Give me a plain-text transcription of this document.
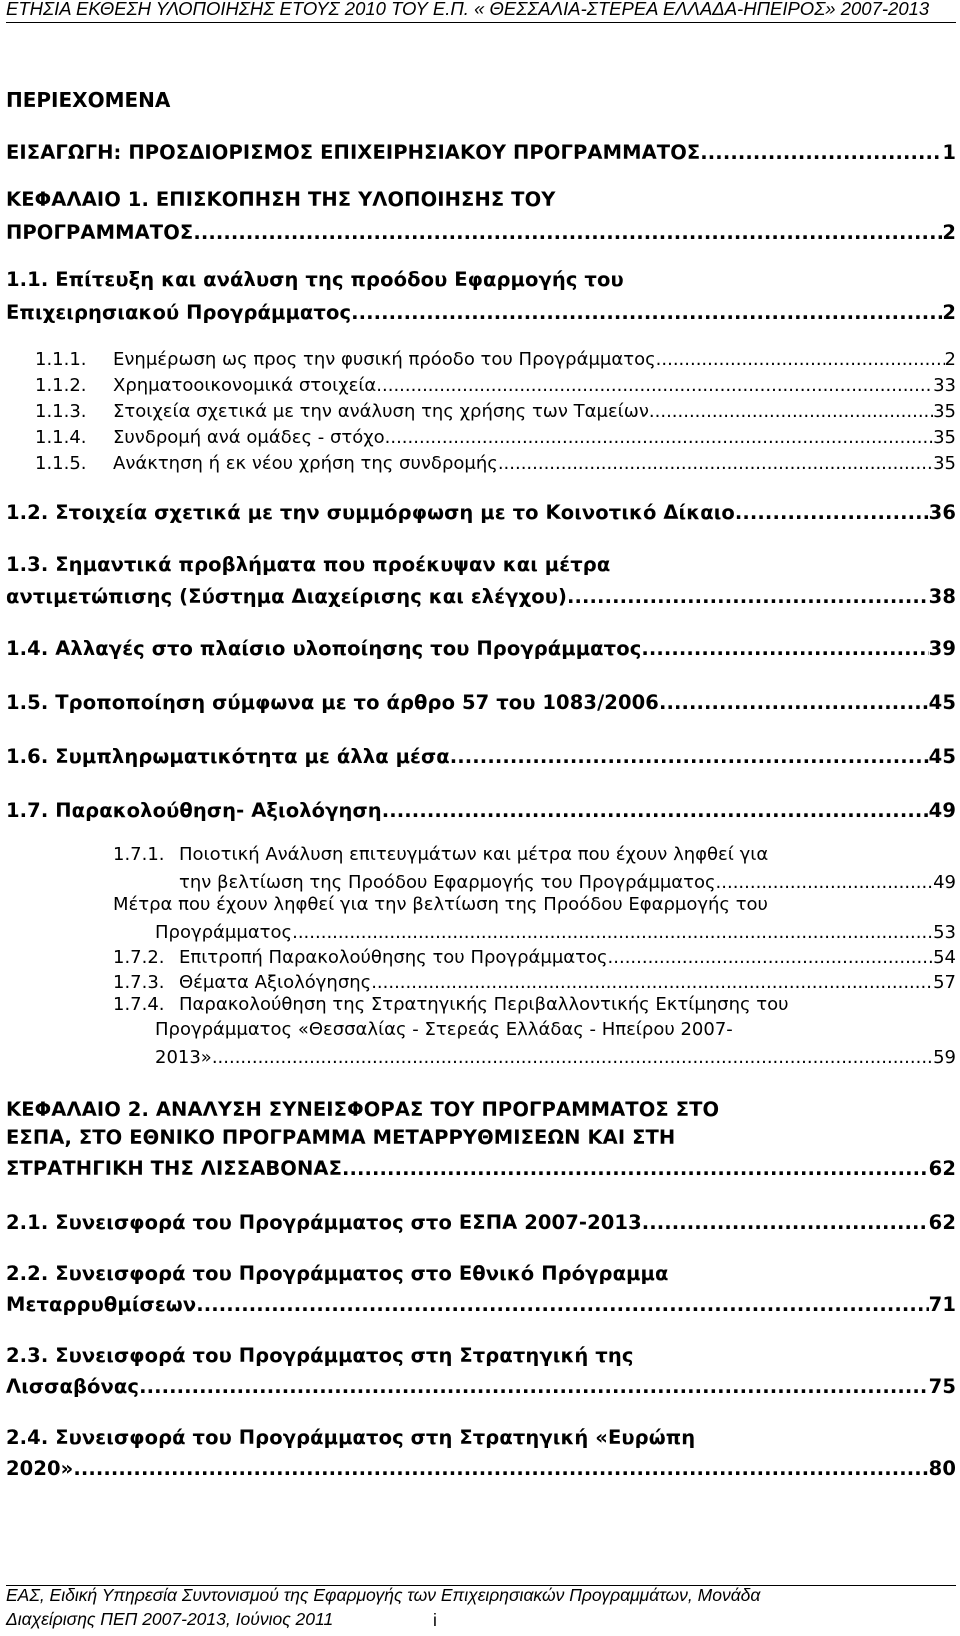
ΕΤΗΣΙΑ ΕΚΘΕΣΗ ΥΛΟΠΟΙΗΣΗΣ ΕΤΟΥΣ 2010 ΤΟΥ Ε.Π. « ΘΕΣΣΑΛΙΑ-ΣΤΕΡΕΑ ΕΛΛΑΔΑ-ΗΠΕΙΡΟΣ» 2007-2013
ΠΕΡΙΕΧΟΜΕΝΑ
ΕΙΣΑΓΩΓΗ: ΠΡΟΣΔΙΟΡΙΣΜΟΣ ΕΠΙΧΕΙΡΗΣΙΑΚΟΥ ΠΡΟΓΡΑΜΜΑΤΟΣ .....	1
ΚΕΦΑΛΑΙΟ 1. ΕΠΙΣΚΟΠΗΣΗ ΤΗΣ ΥΛΟΠΟΙΗΣΗΣ ΤΟΥ
ΠΡΟΓΡΑΜΜΑΤΟΣ .....	2
1.1. Επίτευξη και ανάλυση της προόδου Εφαρμογής του
Επιχειρησιακού Προγράμματος .....	2
1.1.1.	Ενημέρωση ως προς την φυσική πρόοδο του Προγράμματος .....	2
1.1.2.	Χρηματοοικονομικά στοιχεία .....	33
1.1.3.	Στοιχεία σχετικά με την ανάλυση της χρήσης των Ταμείων .....	35
1.1.4.	Συνδρομή ανά ομάδες - στόχο .....	35
1.1.5.	Ανάκτηση ή εκ νέου χρήση της συνδρομής .....	35
1.2. Στοιχεία σχετικά με την συμμόρφωση με το Κοινοτικό Δίκαιο .....	36
1.3. Σημαντικά προβλήματα που προέκυψαν και μέτρα
αντιμετώπισης (Σύστημα Διαχείρισης και ελέγχου) .....	38
1.4. Αλλαγές στο πλαίσιο υλοποίησης του Προγράμματος .....	39
1.5. Τροποποίηση σύμφωνα με το άρθρο 57 του 1083/2006 .....	45
1.6. Συμπληρωματικότητα με άλλα μέσα .....	45
1.7. Παρακολούθηση- Αξιολόγηση .....	49
1.7.1. Ποιοτική Ανάλυση επιτευγμάτων και μέτρα που έχουν ληφθεί για
την βελτίωση της Προόδου Εφαρμογής του Προγράμματος .....	49
Μέτρα που έχουν ληφθεί για την βελτίωση της Προόδου Εφαρμογής του
Προγράμματος .....	53
1.7.2. Επιτροπή Παρακολούθησης του Προγράμματος .....	54
1.7.3. Θέματα Αξιολόγησης .....	57
1.7.4. Παρακολούθηση της Στρατηγικής Περιβαλλοντικής Εκτίμησης του
Προγράμματος «Θεσσαλίας - Στερεάς Ελλάδας - Ηπείρου 2007-
2013» .....	59
ΚΕΦΑΛΑΙΟ 2. ΑΝΑΛΥΣΗ ΣΥΝΕΙΣΦΟΡΑΣ ΤΟΥ ΠΡΟΓΡΑΜΜΑΤΟΣ ΣΤΟ
ΕΣΠΑ, ΣΤΟ ΕΘΝΙΚΟ ΠΡΟΓΡΑΜΜΑ ΜΕΤΑΡΡΥΘΜΙΣΕΩΝ ΚΑΙ ΣΤΗ
ΣΤΡΑΤΗΓΙΚΗ ΤΗΣ ΛΙΣΣΑΒΟΝΑΣ .....	62
2.1. Συνεισφορά του Προγράμματος στο ΕΣΠΑ 2007-2013 .....	62
2.2. Συνεισφορά του Προγράμματος στο Εθνικό Πρόγραμμα
Μεταρρυθμίσεων .....	71
2.3. Συνεισφορά του Προγράμματος στη Στρατηγική της
Λισσαβόνας .....	75
2.4. Συνεισφορά του Προγράμματος στη Στρατηγική «Ευρώπη
2020» .....	80
ΕΑΣ, Ειδική Υπηρεσία Συντονισμού της Εφαρμογής των Επιχειρησιακών Προγραμμάτων, Μονάδα
Διαχείρισης ΠΕΠ 2007-2013, Ιούνιος 2011	i
